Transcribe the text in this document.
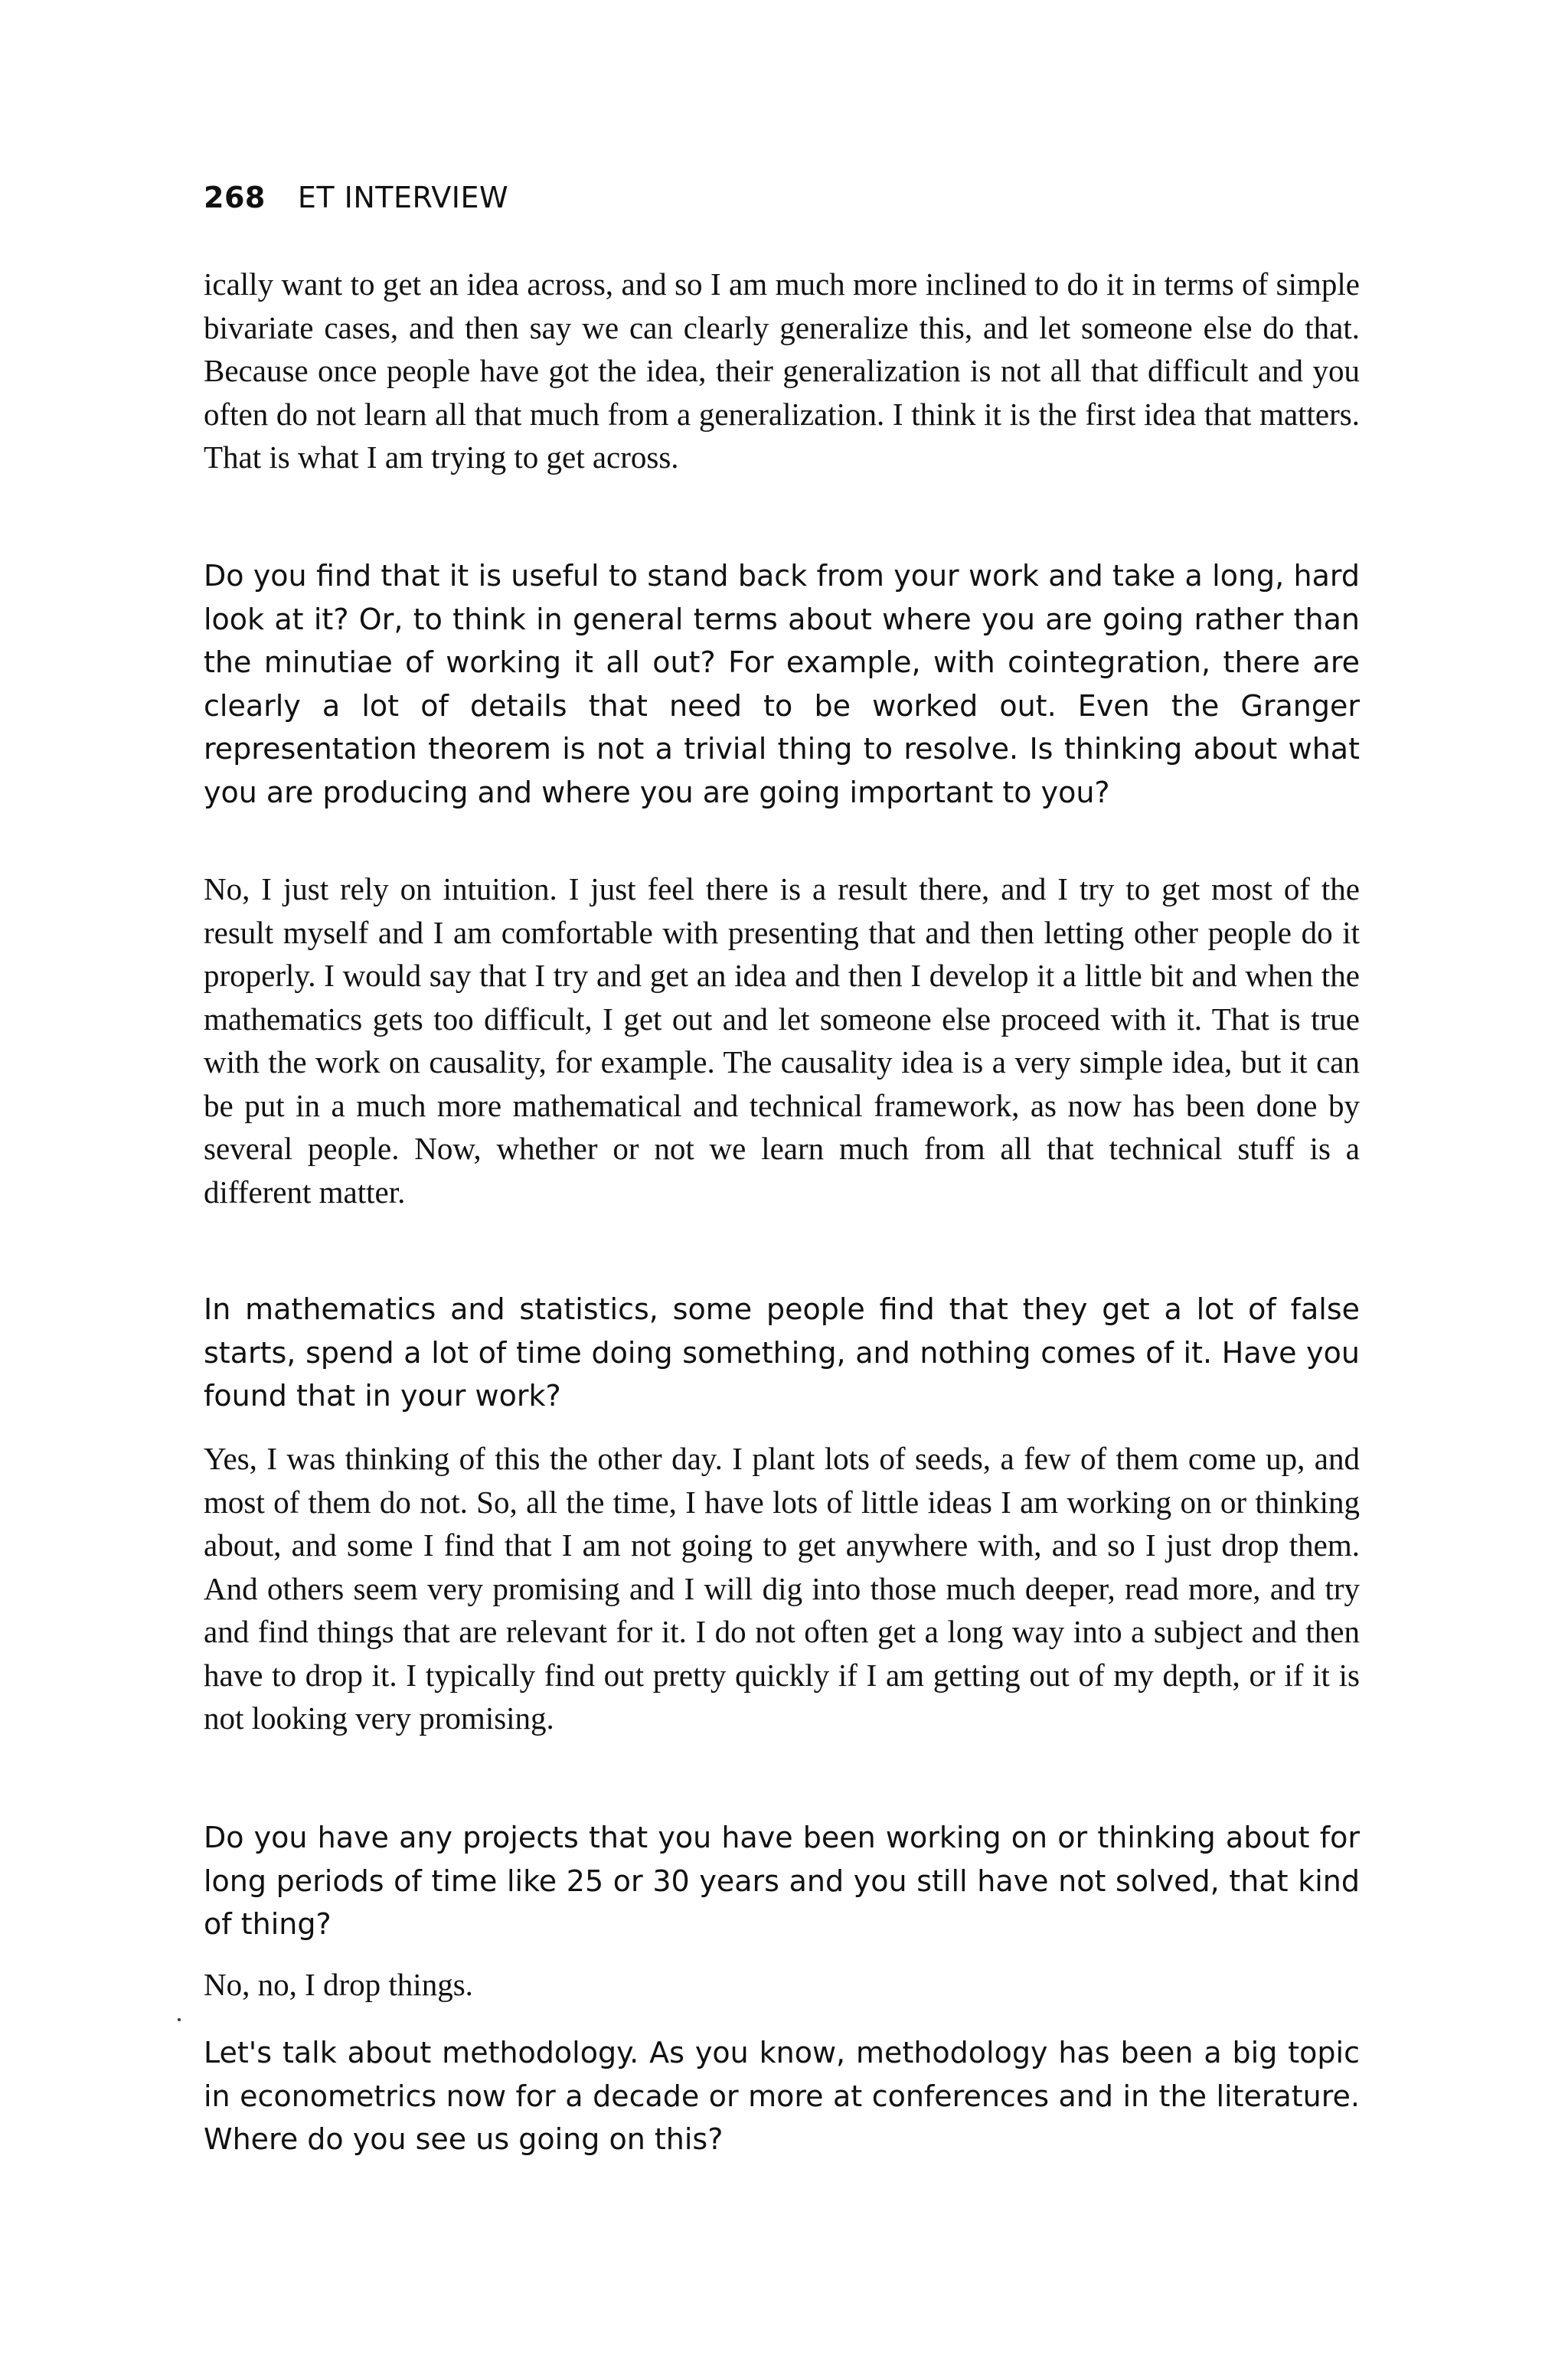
268 ET INTERVIEW

ically want to get an idea across, and so I am much more inclined to do it in terms of simple bivariate cases, and then say we can clearly generalize this, and let someone else do that. Because once people have got the idea, their generalization is not all that difficult and you often do not learn all that much from a generalization. I think it is the first idea that matters. That is what I am trying to get across.

Do you find that it is useful to stand back from your work and take a long, hard look at it? Or, to think in general terms about where you are going rather than the minutiae of working it all out? For example, with cointegration, there are clearly a lot of details that need to be worked out. Even the Granger representation theorem is not a trivial thing to resolve. Is thinking about what you are producing and where you are going important to you?

No, I just rely on intuition. I just feel there is a result there, and I try to get most of the result myself and I am comfortable with presenting that and then letting other people do it properly. I would say that I try and get an idea and then I develop it a little bit and when the mathematics gets too difficult, I get out and let someone else proceed with it. That is true with the work on causality, for example. The causality idea is a very simple idea, but it can be put in a much more mathematical and technical framework, as now has been done by several people. Now, whether or not we learn much from all that technical stuff is a different matter.

In mathematics and statistics, some people find that they get a lot of false starts, spend a lot of time doing something, and nothing comes of it. Have you found that in your work?

Yes, I was thinking of this the other day. I plant lots of seeds, a few of them come up, and most of them do not. So, all the time, I have lots of little ideas I am working on or thinking about, and some I find that I am not going to get anywhere with, and so I just drop them. And others seem very promising and I will dig into those much deeper, read more, and try and find things that are relevant for it. I do not often get a long way into a subject and then have to drop it. I typically find out pretty quickly if I am getting out of my depth, or if it is not looking very promising.

Do you have any projects that you have been working on or thinking about for long periods of time like 25 or 30 years and you still have not solved, that kind of thing?

No, no, I drop things.

Let's talk about methodology. As you know, methodology has been a big topic in econometrics now for a decade or more at conferences and in the literature. Where do you see us going on this?
